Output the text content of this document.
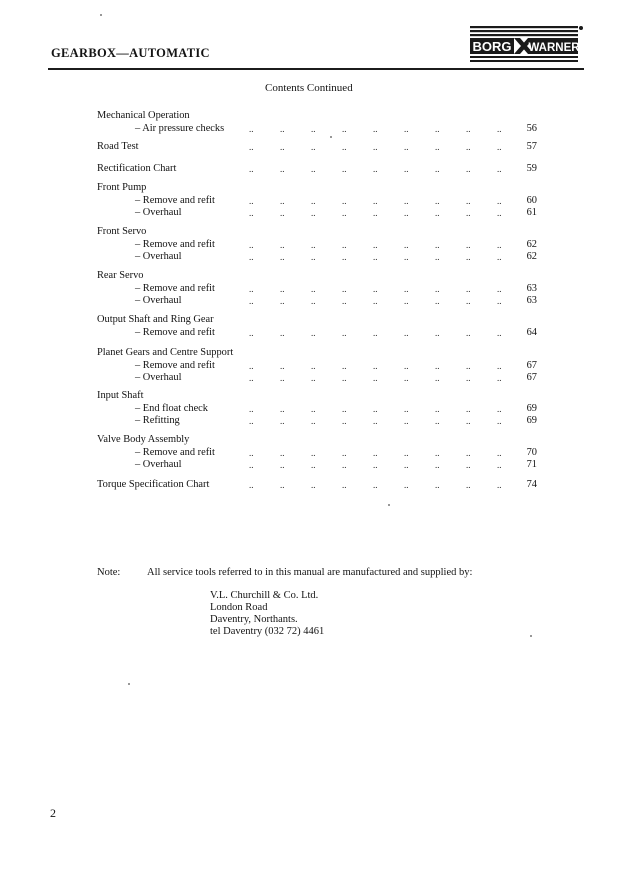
GEARBOX—AUTOMATIC	BORG WARNER
Contents Continued
Mechanical Operation
– Air pressure checks	..	..	..	..	..	..	..	..	..	56
Road Test	..	..	..	..	..	..	..	..	..	57
Rectification Chart	..	..	..	..	..	..	..	..	..	59
Front Pump
– Remove and refit	..	..	..	..	..	..	..	..	..	60
– Overhaul	..	..	..	..	..	..	..	..	..	61
Front Servo
– Remove and refit	..	..	..	..	..	..	..	..	..	62
– Overhaul	..	..	..	..	..	..	..	..	..	62
Rear Servo
– Remove and refit	..	..	..	..	..	..	..	..	..	63
– Overhaul	..	..	..	..	..	..	..	..	..	63
Output Shaft and Ring Gear
– Remove and refit	..	..	..	..	..	..	..	..	..	64
Planet Gears and Centre Support
– Remove and refit	..	..	..	..	..	..	..	..	..	67
– Overhaul	..	..	..	..	..	..	..	..	..	67
Input Shaft
– End float check	..	..	..	..	..	..	..	..	..	69
– Refitting	..	..	..	..	..	..	..	..	..	69
Valve Body Assembly
– Remove and refit	..	..	..	..	..	..	..	..	..	70
– Overhaul	..	..	..	..	..	..	..	..	..	71
Torque Specification Chart	..	..	..	..	..	..	..	..	..	74
Note:	All service tools referred to in this manual are manufactured and supplied by:
V.L. Churchill & Co. Ltd.
London Road
Daventry, Northants.
tel Daventry (032 72) 4461
2
